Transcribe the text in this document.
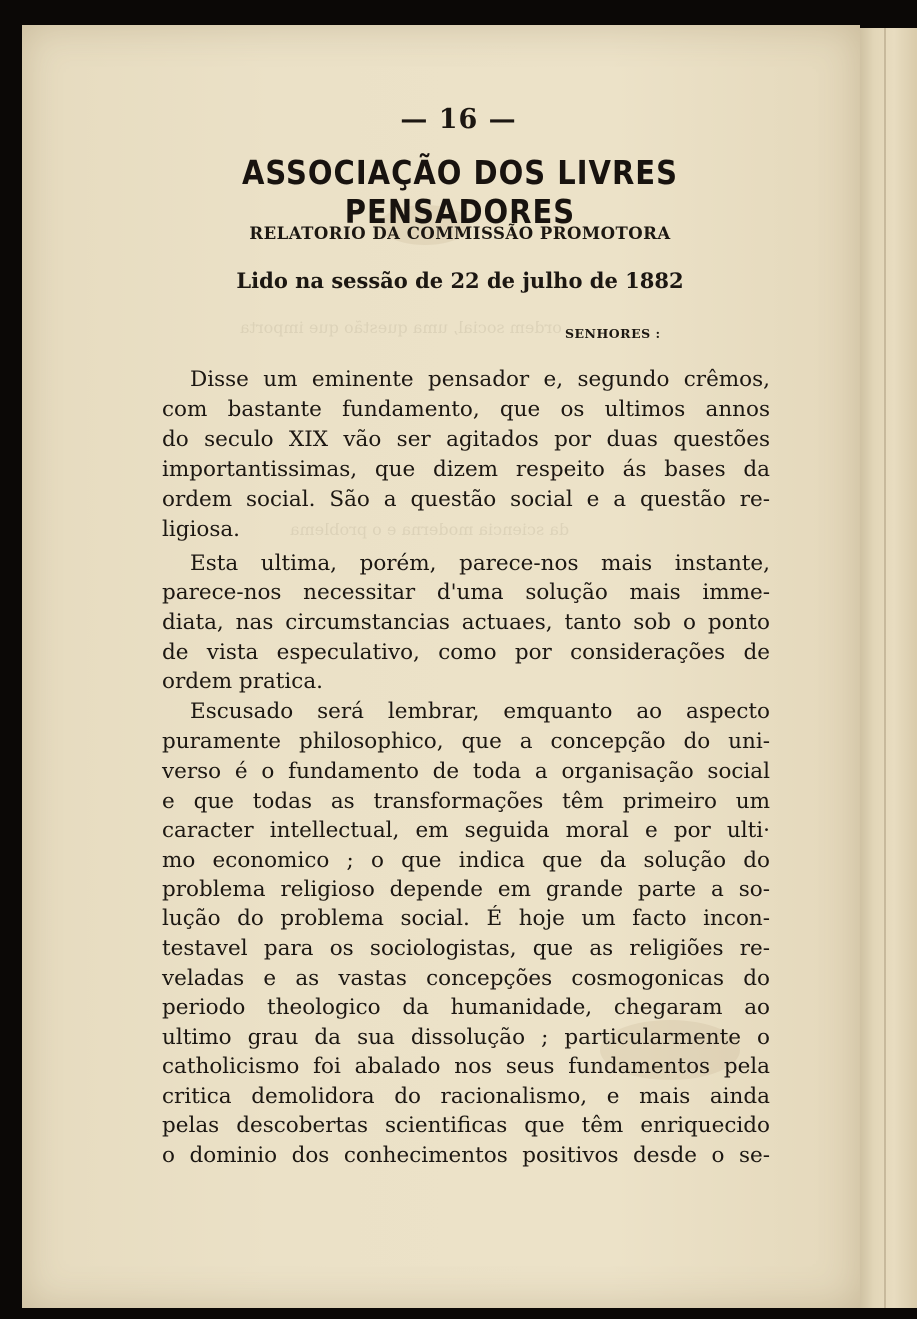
ordem social, uma questão que importa
da sciencia moderna e o problema
— 16 —
ASSOCIAÇÃO DOS LIVRES PENSADORES
RELATORIO DA COMMISSÃO PROMOTORA
Lido na sessão de 22 de julho de 1882
SENHORES :
Disse um eminente pensador e, segundo crêmos,
com bastante fundamento, que os ultimos annos
do seculo XIX vão ser agitados por duas questões
importantissimas, que dizem respeito ás bases da
ordem social. São a questão social e a questão re-
ligiosa.
Esta ultima, porém, parece-nos mais instante,
parece-nos necessitar d'uma solução mais imme-
diata, nas circumstancias actuaes, tanto sob o ponto
de vista especulativo, como por considerações de
ordem pratica.
Escusado será lembrar, emquanto ao aspecto
puramente philosophico, que a concepção do uni-
verso é o fundamento de toda a organisação social
e que todas as transformações têm primeiro um
caracter intellectual, em seguida moral e por ulti·
mo economico ; o que indica que da solução do
problema religioso depende em grande parte a so-
lução do problema social. É hoje um facto incon-
testavel para os sociologistas, que as religiões re-
veladas e as vastas concepções cosmogonicas do
periodo theologico da humanidade, chegaram ao
ultimo grau da sua dissolução ; particularmente o
catholicismo foi abalado nos seus fundamentos pela
critica demolidora do racionalismo, e mais ainda
pelas descobertas scientificas que têm enriquecido
o dominio dos conhecimentos positivos desde o se-
